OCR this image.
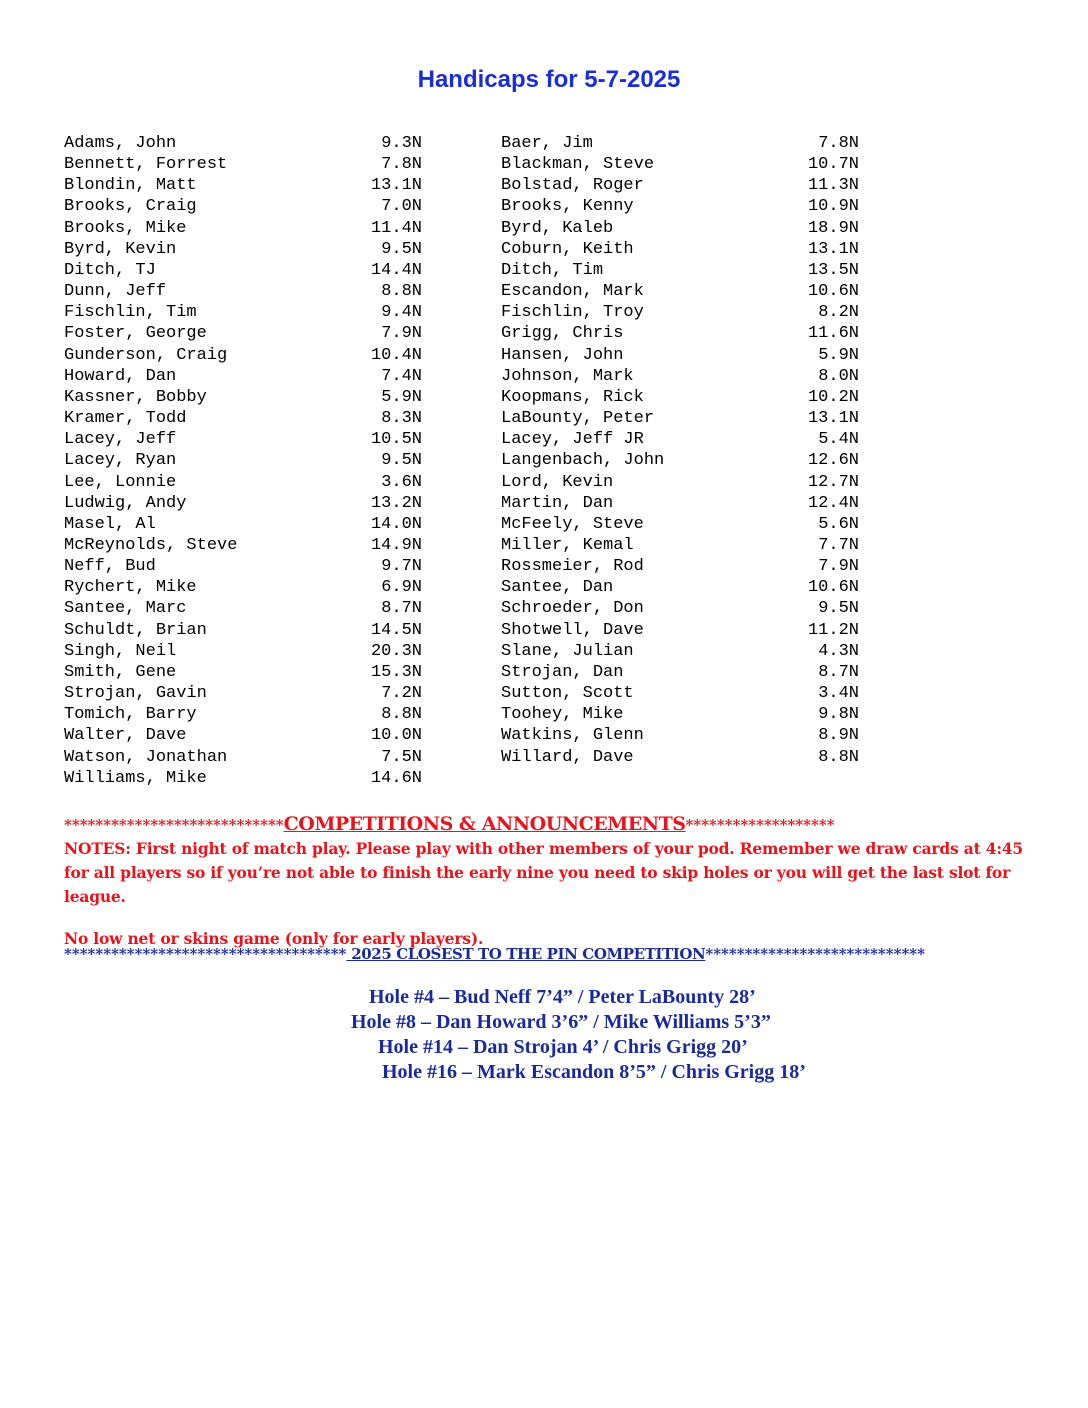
Handicaps for 5-7-2025
Adams, John	9.3N
Bennett, Forrest	7.8N
Blondin, Matt	13.1N
Brooks, Craig	7.0N
Brooks, Mike	11.4N
Byrd, Kevin	9.5N
Ditch, TJ	14.4N
Dunn, Jeff	8.8N
Fischlin, Tim	9.4N
Foster, George	7.9N
Gunderson, Craig	10.4N
Howard, Dan	7.4N
Kassner, Bobby	5.9N
Kramer, Todd	8.3N
Lacey, Jeff	10.5N
Lacey, Ryan	9.5N
Lee, Lonnie	3.6N
Ludwig, Andy	13.2N
Masel, Al	14.0N
McReynolds, Steve	14.9N
Neff, Bud	9.7N
Rychert, Mike	6.9N
Santee, Marc	8.7N
Schuldt, Brian	14.5N
Singh, Neil	20.3N
Smith, Gene	15.3N
Strojan, Gavin	7.2N
Tomich, Barry	8.8N
Walter, Dave	10.0N
Watson, Jonathan	7.5N
Williams, Mike	14.6N
Baer, Jim	7.8N
Blackman, Steve	10.7N
Bolstad, Roger	11.3N
Brooks, Kenny	10.9N
Byrd, Kaleb	18.9N
Coburn, Keith	13.1N
Ditch, Tim	13.5N
Escandon, Mark	10.6N
Fischlin, Troy	8.2N
Grigg, Chris	11.6N
Hansen, John	5.9N
Johnson, Mark	8.0N
Koopmans, Rick	10.2N
LaBounty, Peter	13.1N
Lacey, Jeff JR	5.4N
Langenbach, John	12.6N
Lord, Kevin	12.7N
Martin, Dan	12.4N
McFeely, Steve	5.6N
Miller, Kemal	7.7N
Rossmeier, Rod	7.9N
Santee, Dan	10.6N
Schroeder, Don	9.5N
Shotwell, Dave	11.2N
Slane, Julian	4.3N
Strojan, Dan	8.7N
Sutton, Scott	3.4N
Toohey, Mike	9.8N
Watkins, Glenn	8.9N
Willard, Dave	8.8N
****************************COMPETITIONS & ANNOUNCEMENTS*******************

NOTES: First night of match play. Please play with other members of your pod. Remember we draw cards at 4:45 for all players so if you’re not able to finish the early nine you need to skip holes or you will get the last slot for league.

No low net or skins game (only for early players).

************************************ 2025 CLOSEST TO THE PIN COMPETITION****************************
Hole #4 – Bud Neff 7’4” / Peter LaBounty 28’
Hole #8 – Dan Howard 3’6” / Mike Williams 5’3”
Hole #14 – Dan Strojan 4’ / Chris Grigg 20’
Hole #16 – Mark Escandon 8’5” / Chris Grigg 18’
